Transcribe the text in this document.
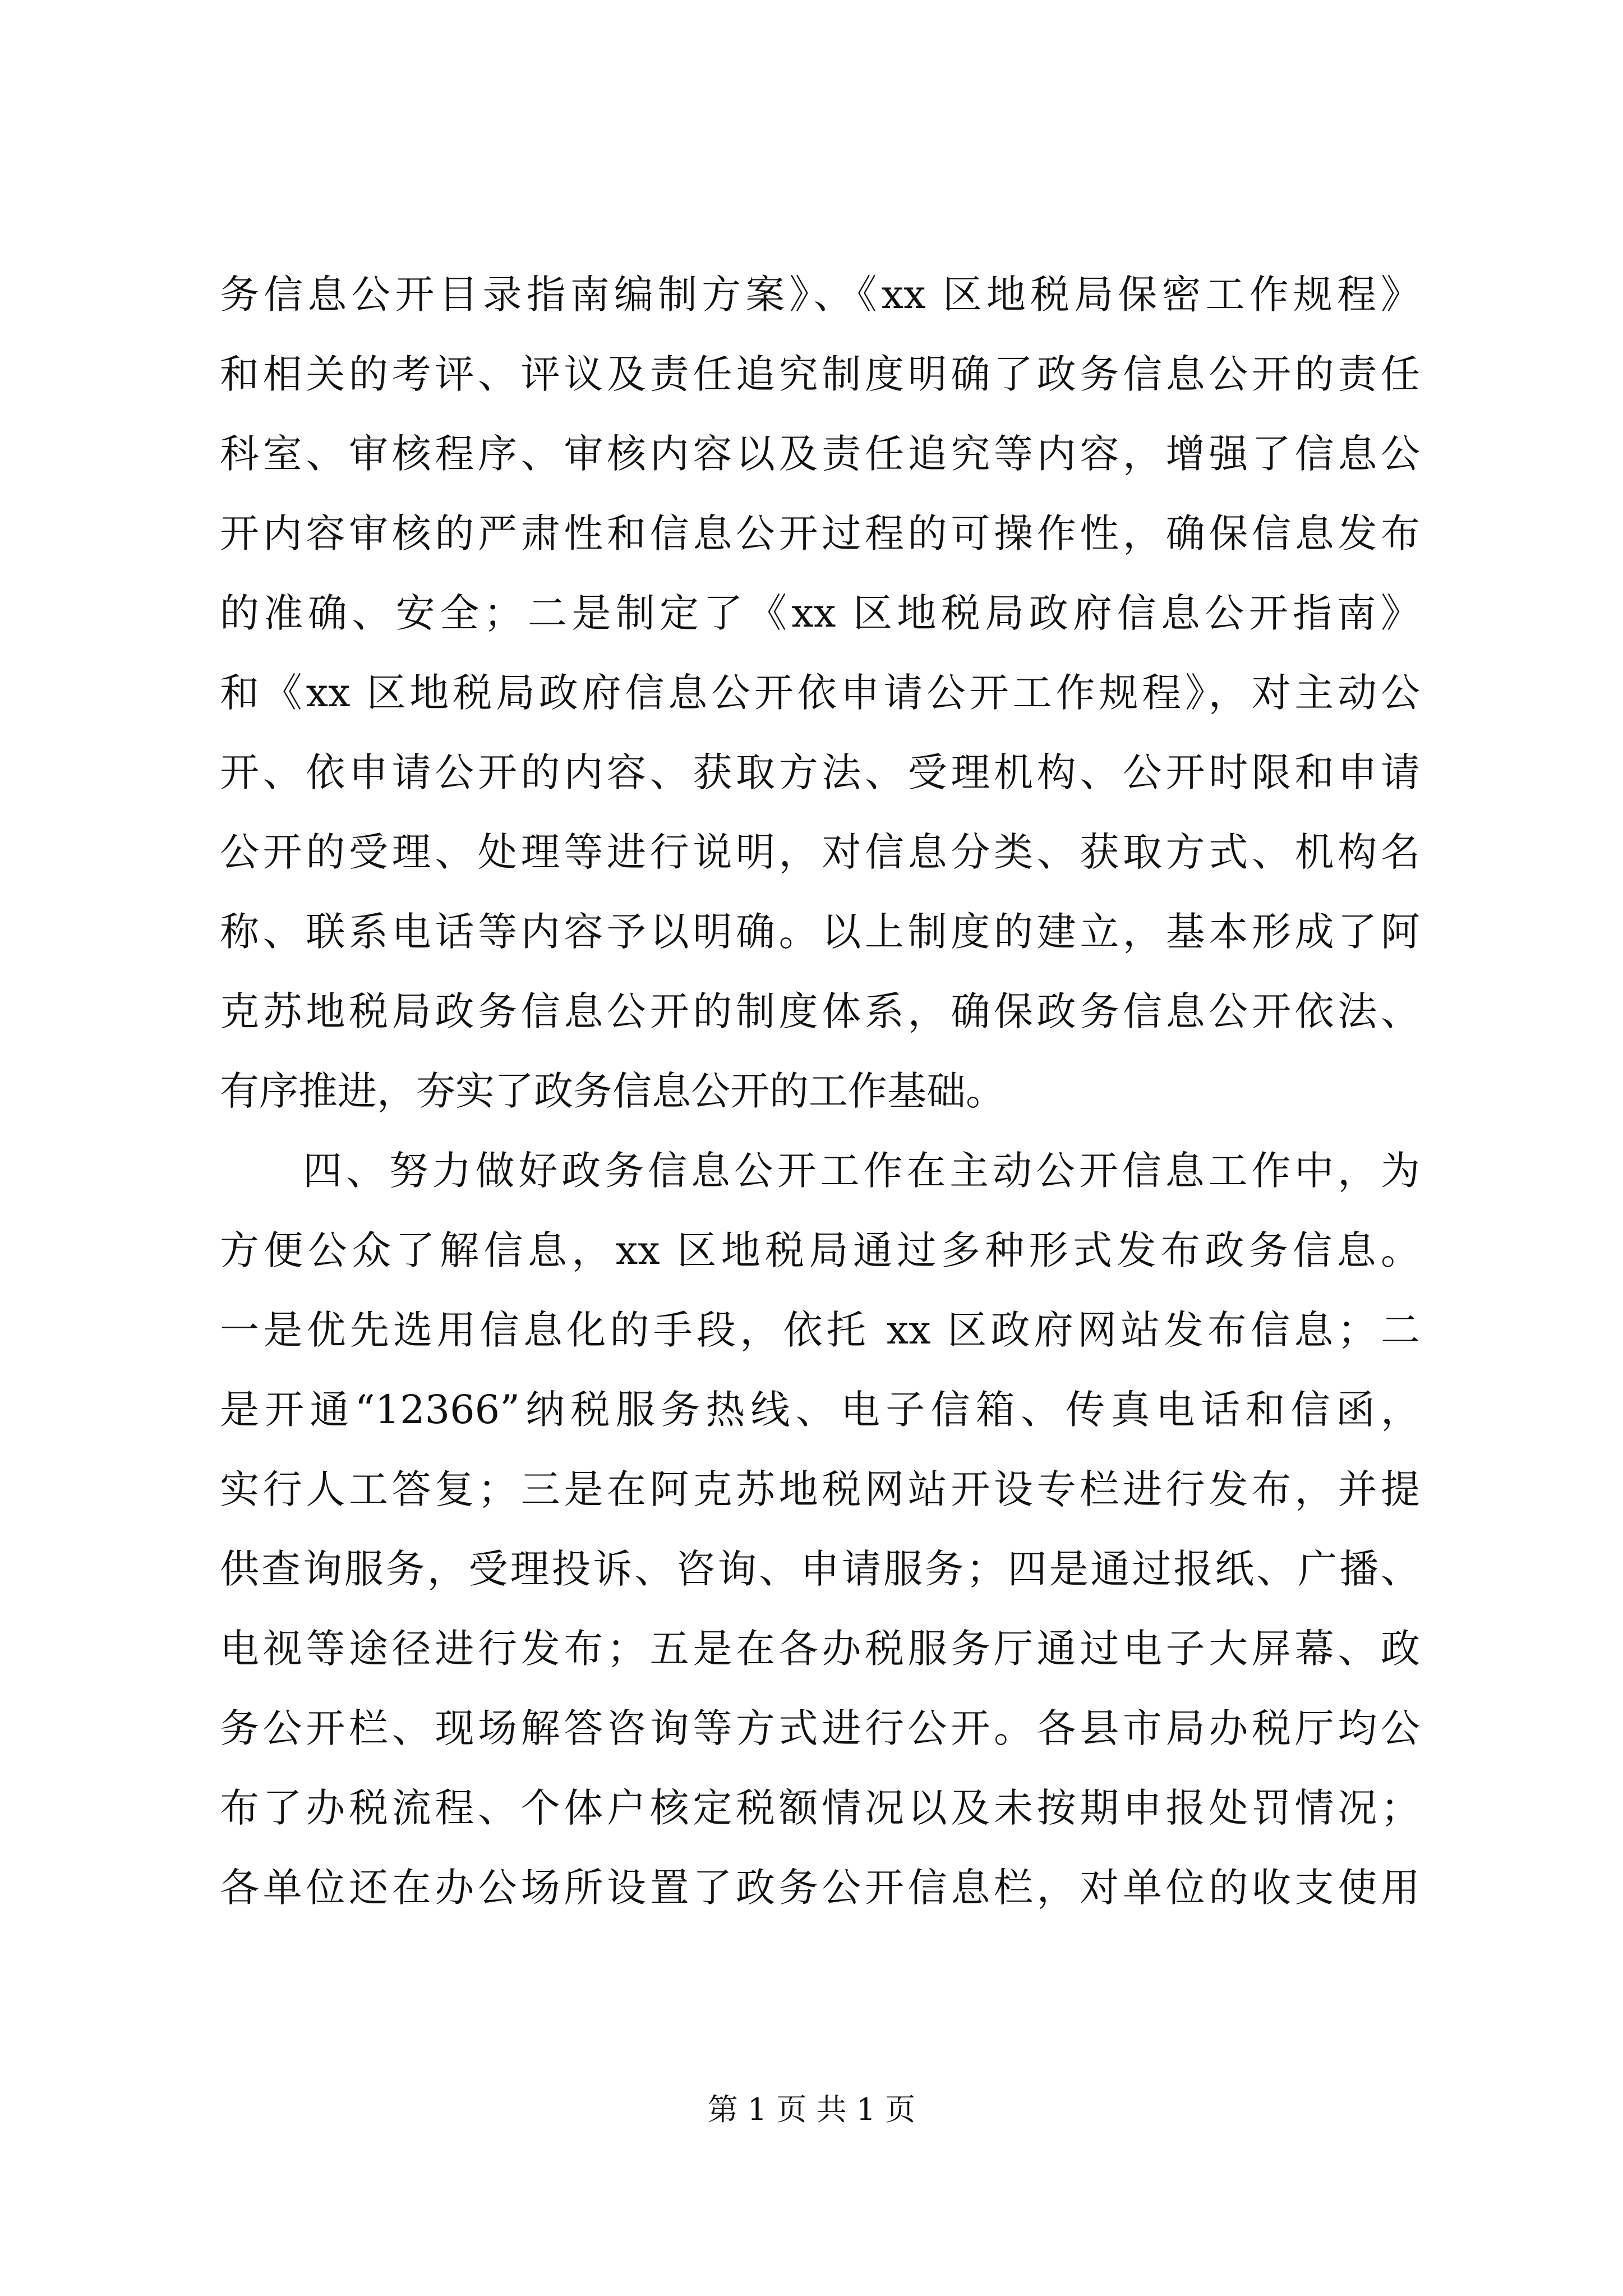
务信息公开目录指南编制方案》、《xx 区地税局保密工作规程》
和相关的考评、评议及责任追究制度明确了政务信息公开的责任
科室、审核程序、审核内容以及责任追究等内容，增强了信息公
开内容审核的严肃性和信息公开过程的可操作性，确保信息发布
的准确、安全；二是制定了《xx 区地税局政府信息公开指南》
和《xx 区地税局政府信息公开依申请公开工作规程》，对主动公
开、依申请公开的内容、获取方法、受理机构、公开时限和申请
公开的受理、处理等进行说明，对信息分类、获取方式、机构名
称、联系电话等内容予以明确。以上制度的建立，基本形成了阿
克苏地税局政务信息公开的制度体系，确保政务信息公开依法、
有序推进，夯实了政务信息公开的工作基础。
四、努力做好政务信息公开工作在主动公开信息工作中，为
方便公众了解信息，xx 区地税局通过多种形式发布政务信息。
一是优先选用信息化的手段，依托 xx 区政府网站发布信息；二
是开通“12366”纳税服务热线、电子信箱、传真电话和信函，
实行人工答复；三是在阿克苏地税网站开设专栏进行发布，并提
供查询服务，受理投诉、咨询、申请服务；四是通过报纸、广播、
电视等途径进行发布；五是在各办税服务厅通过电子大屏幕、政
务公开栏、现场解答咨询等方式进行公开。各县市局办税厅均公
布了办税流程、个体户核定税额情况以及未按期申报处罚情况；
各单位还在办公场所设置了政务公开信息栏，对单位的收支使用
第 1 页 共 1 页
